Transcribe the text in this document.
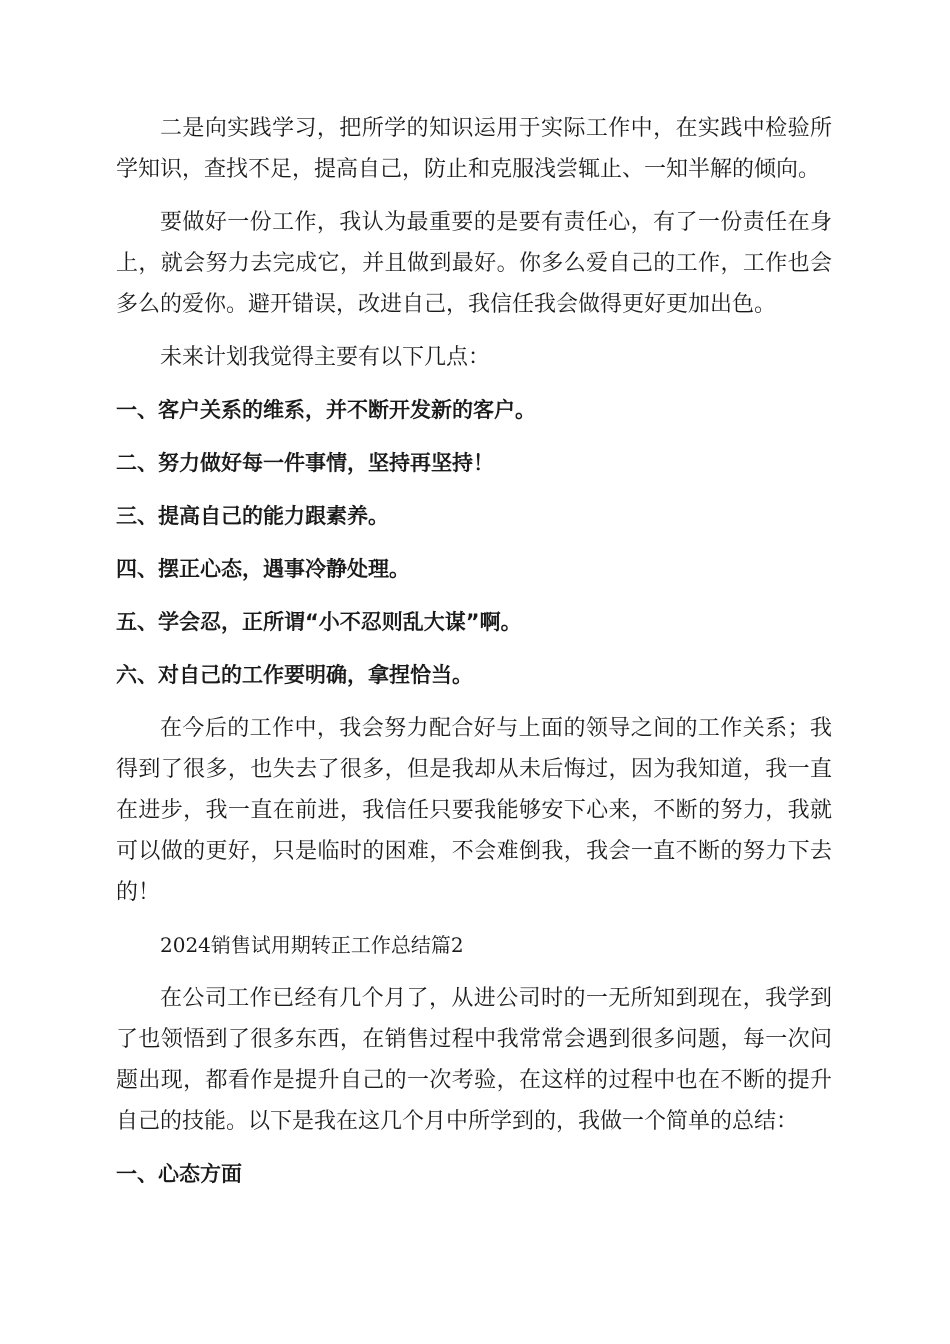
二是向实践学习，把所学的知识运用于实际工作中，在实践中检验所学知识，查找不足，提高自己，防止和克服浅尝辄止、一知半解的倾向。

要做好一份工作，我认为最重要的是要有责任心，有了一份责任在身上，就会努力去完成它，并且做到最好。你多么爱自己的工作，工作也会多么的爱你。避开错误，改进自己，我信任我会做得更好更加出色。

未来计划我觉得主要有以下几点：

一、客户关系的维系，并不断开发新的客户。
二、努力做好每一件事情，坚持再坚持！
三、提高自己的能力跟素养。
四、摆正心态，遇事冷静处理。
五、学会忍，正所谓“小不忍则乱大谋”啊。
六、对自己的工作要明确，拿捏恰当。

在今后的工作中，我会努力配合好与上面的领导之间的工作关系；我得到了很多，也失去了很多，但是我却从未后悔过，因为我知道，我一直在进步，我一直在前进，我信任只要我能够安下心来，不断的努力，我就可以做的更好，只是临时的困难，不会难倒我，我会一直不断的努力下去的！

2024销售试用期转正工作总结篇2

在公司工作已经有几个月了，从进公司时的一无所知到现在，我学到了也领悟到了很多东西，在销售过程中我常常会遇到很多问题，每一次问题出现，都看作是提升自己的一次考验，在这样的过程中也在不断的提升自己的技能。以下是我在这几个月中所学到的，我做一个简单的总结：

一、心态方面
